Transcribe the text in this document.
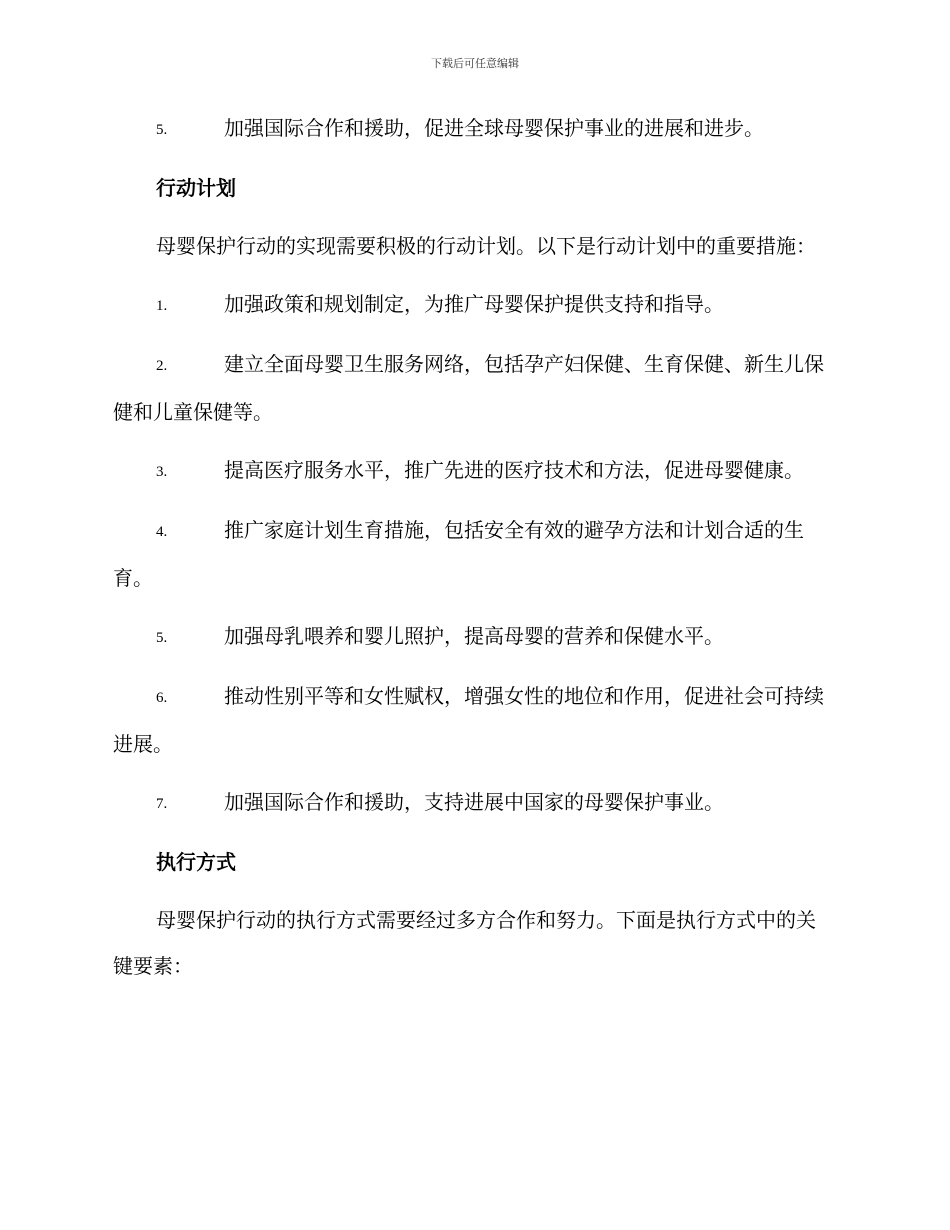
下载后可任意编辑

5.	加强国际合作和援助，促进全球母婴保护事业的进展和进步。

行动计划

母婴保护行动的实现需要积极的行动计划。以下是行动计划中的重要措施：

1.	加强政策和规划制定，为推广母婴保护提供支持和指导。

2.	建立全面母婴卫生服务网络，包括孕产妇保健、生育保健、新生儿保健和儿童保健等。

3.	提高医疗服务水平，推广先进的医疗技术和方法，促进母婴健康。

4.	推广家庭计划生育措施，包括安全有效的避孕方法和计划合适的生育。

5.	加强母乳喂养和婴儿照护，提高母婴的营养和保健水平。

6.	推动性别平等和女性赋权，增强女性的地位和作用，促进社会可持续进展。

7.	加强国际合作和援助，支持进展中国家的母婴保护事业。

执行方式

母婴保护行动的执行方式需要经过多方合作和努力。下面是执行方式中的关键要素：
